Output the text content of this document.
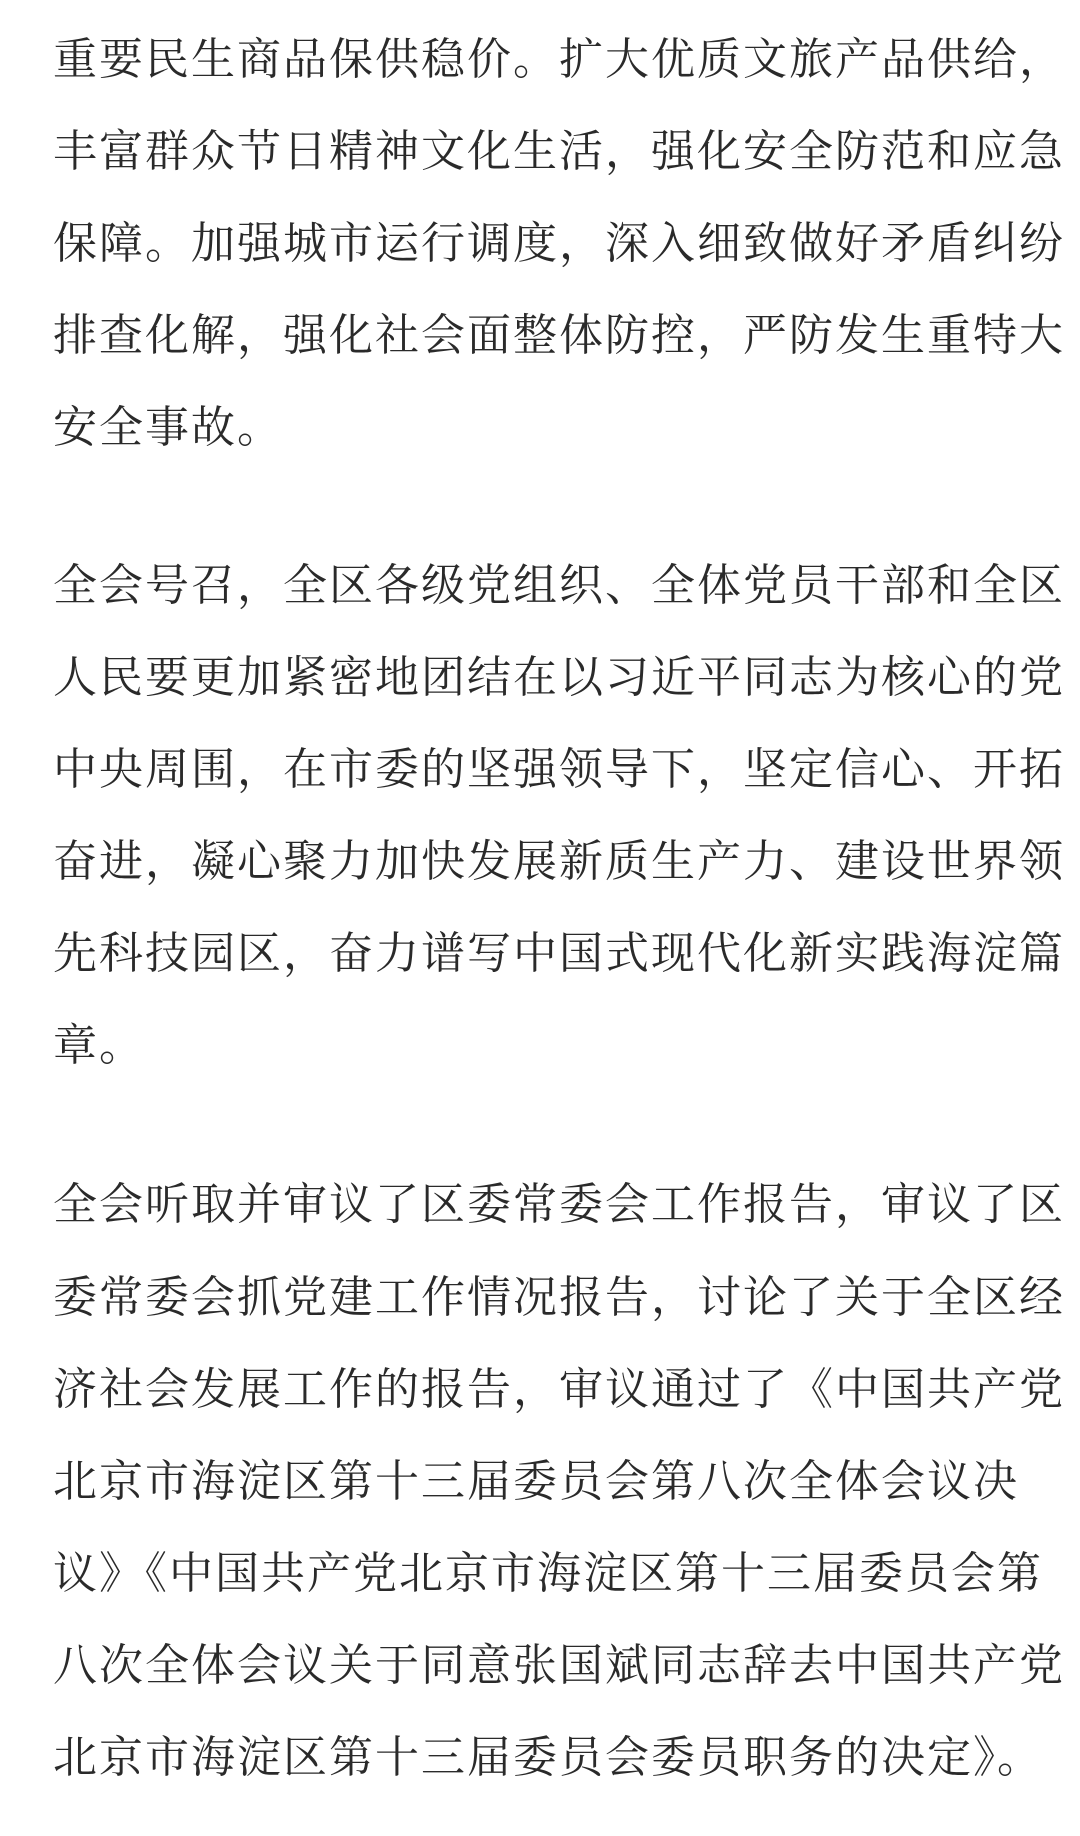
重要民生商品保供稳价。扩大优质文旅产品供给，
丰富群众节日精神文化生活，强化安全防范和应急
保障。加强城市运行调度，深入细致做好矛盾纠纷
排查化解，强化社会面整体防控，严防发生重特大
安全事故。
全会号召，全区各级党组织、全体党员干部和全区
人民要更加紧密地团结在以习近平同志为核心的党
中央周围，在市委的坚强领导下，坚定信心、开拓
奋进，凝心聚力加快发展新质生产力、建设世界领
先科技园区，奋力谱写中国式现代化新实践海淀篇
章。
全会听取并审议了区委常委会工作报告，审议了区
委常委会抓党建工作情况报告，讨论了关于全区经
济社会发展工作的报告，审议通过了《中国共产党
北京市海淀区第十三届委员会第八次全体会议决
议》《中国共产党北京市海淀区第十三届委员会第
八次全体会议关于同意张国斌同志辞去中国共产党
北京市海淀区第十三届委员会委员职务的决定》。
